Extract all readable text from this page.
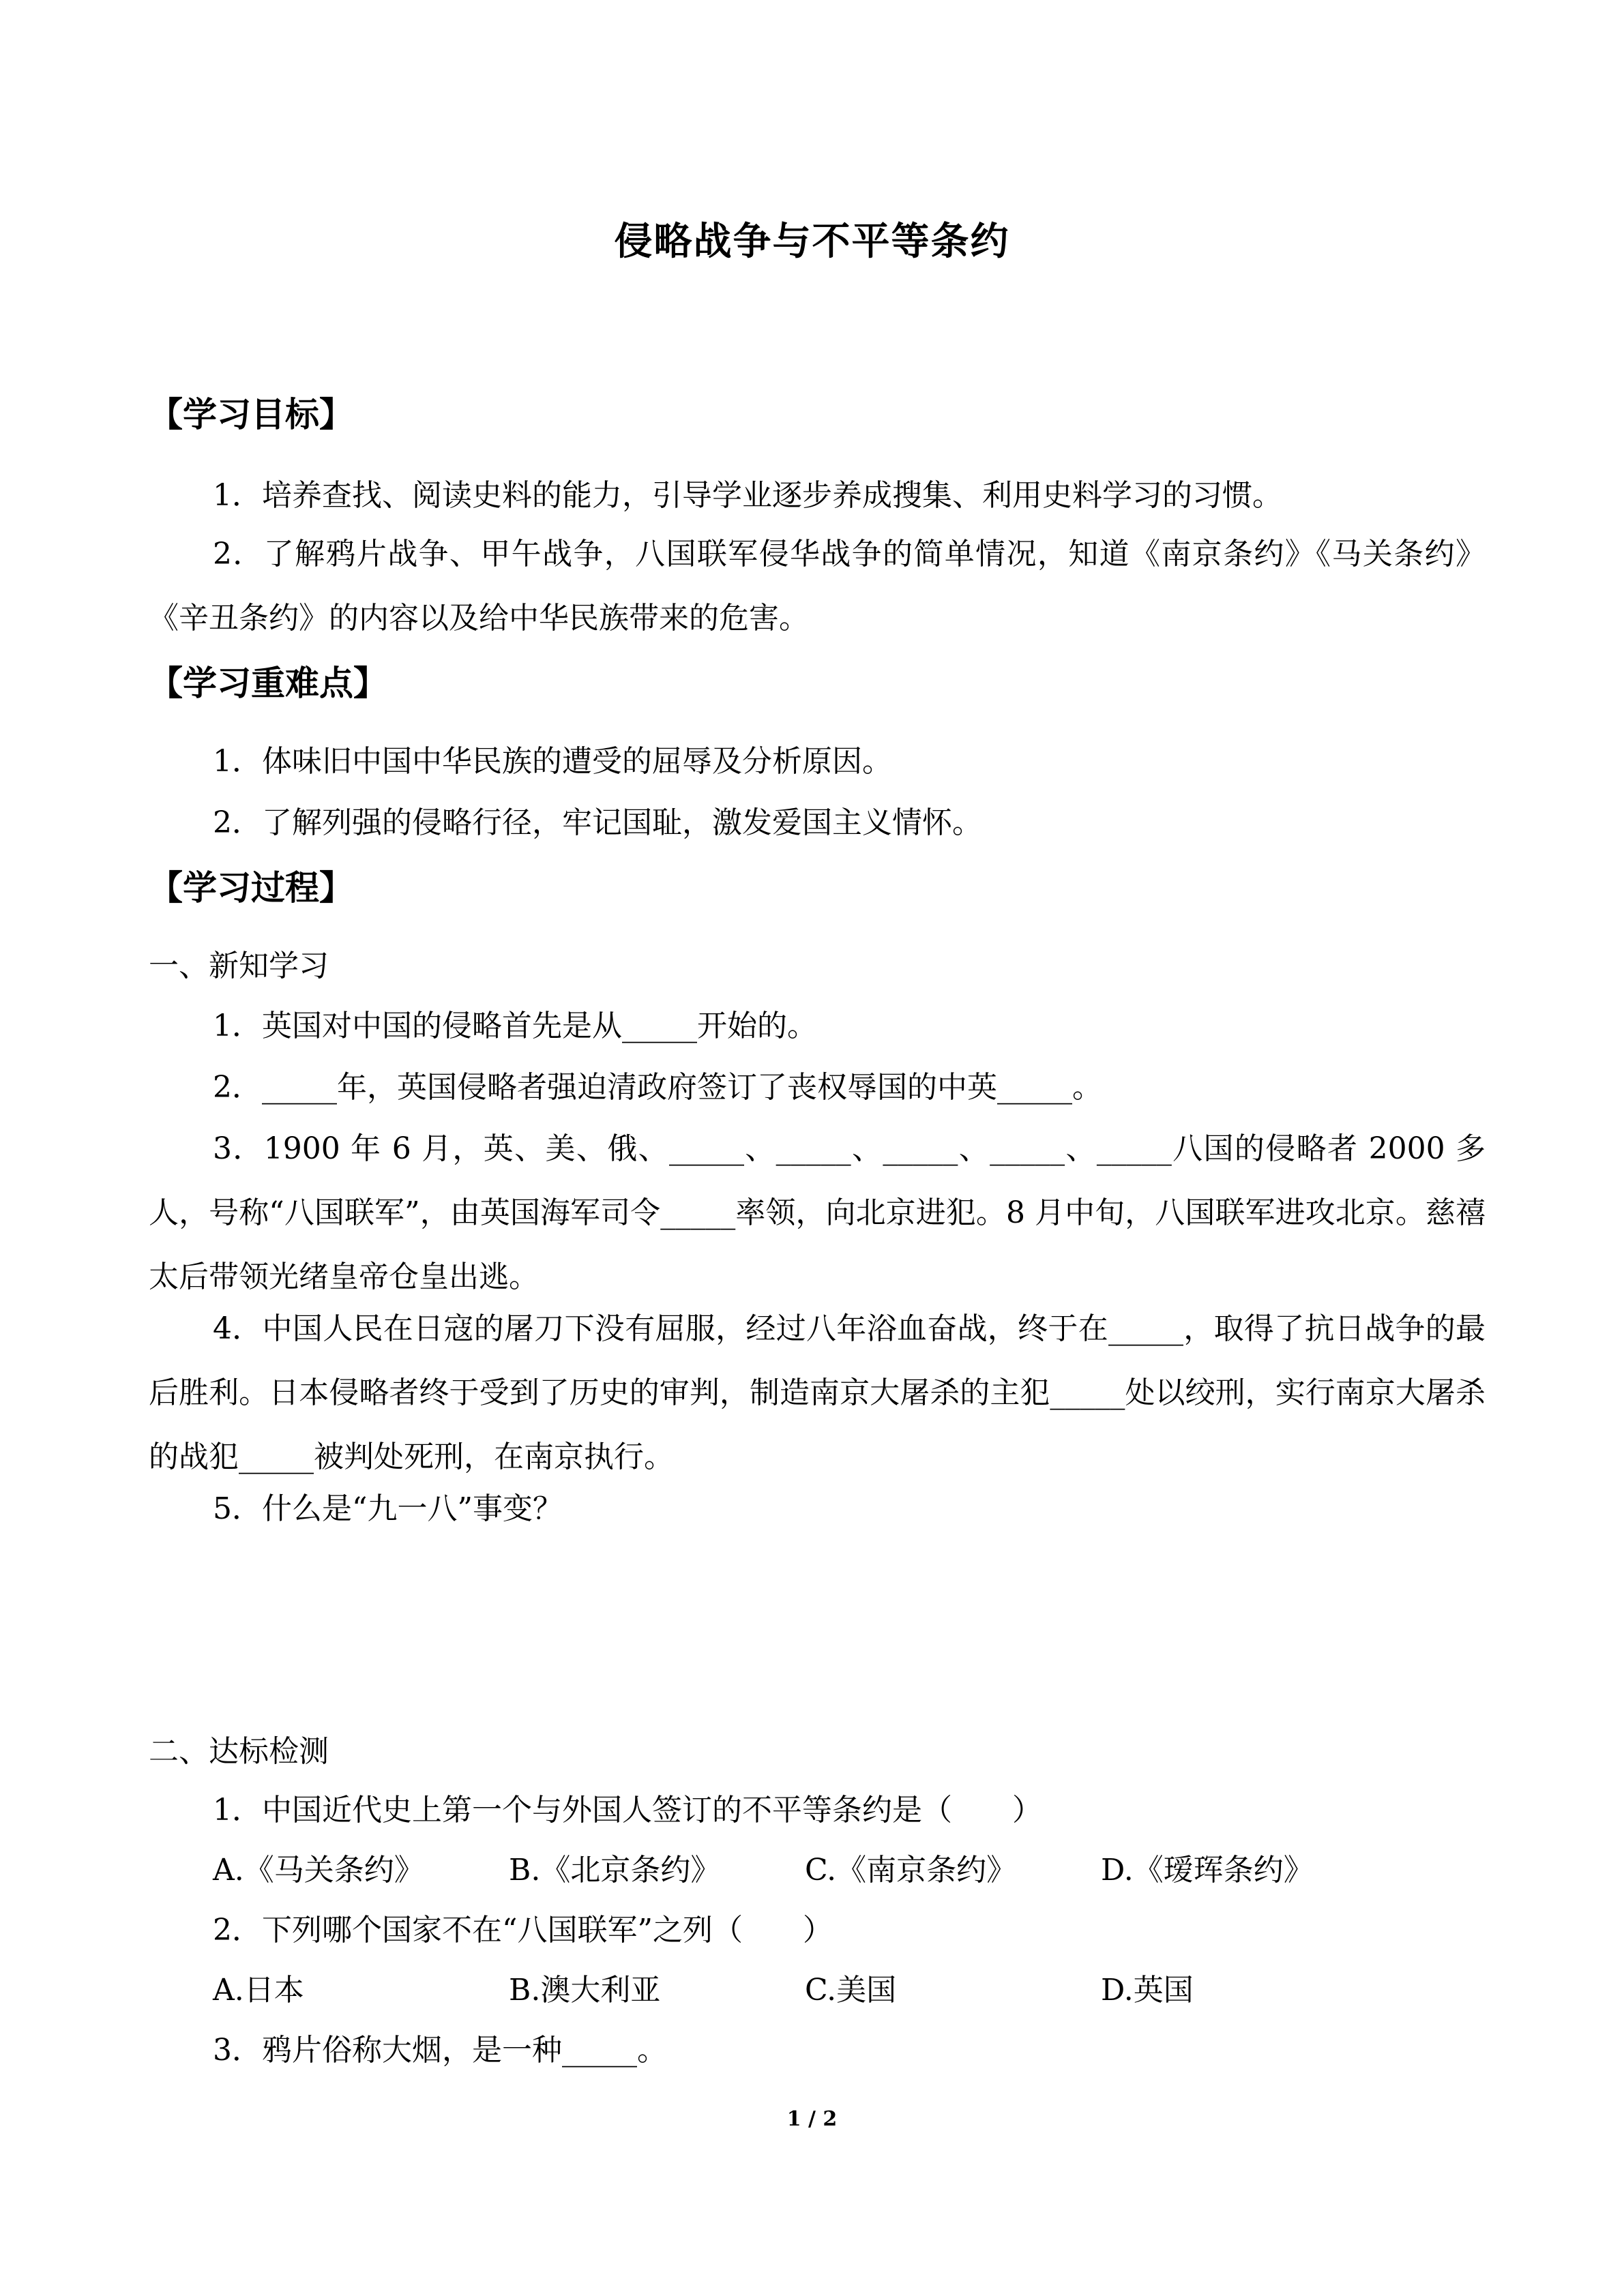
侵略战争与不平等条约
【学习目标】
1．培养查找、阅读史料的能力，引导学业逐步养成搜集、利用史料学习的习惯。
2．了解鸦片战争、甲午战争，八国联军侵华战争的简单情况，知道《南京条约》《马关条约》《辛丑条约》的内容以及给中华民族带来的危害。
【学习重难点】
1．体味旧中国中华民族的遭受的屈辱及分析原因。
2．了解列强的侵略行径，牢记国耻，激发爱国主义情怀。
【学习过程】
一、新知学习
1．英国对中国的侵略首先是从_____开始的。
2．_____年，英国侵略者强迫清政府签订了丧权辱国的中英_____。
3．1900 年 6 月，英、美、俄、_____、_____、_____、_____、_____八国的侵略者 2000 多人，号称“八国联军”，由英国海军司令_____率领，向北京进犯。8 月中旬，八国联军进攻北京。慈禧太后带领光绪皇帝仓皇出逃。
4．中国人民在日寇的屠刀下没有屈服，经过八年浴血奋战，终于在_____，取得了抗日战争的最后胜利。日本侵略者终于受到了历史的审判，制造南京大屠杀的主犯_____处以绞刑，实行南京大屠杀的战犯_____被判处死刑，在南京执行。
5．什么是“九一八”事变？
二、达标检测
1．中国近代史上第一个与外国人签订的不平等条约是（　　）
A.《马关条约》	B.《北京条约》	C.《南京条约》	D.《瑷珲条约》
2．下列哪个国家不在“八国联军”之列（　　）
A.日本	B.澳大利亚	C.美国	D.英国
3．鸦片俗称大烟，是一种_____。
1 / 2
